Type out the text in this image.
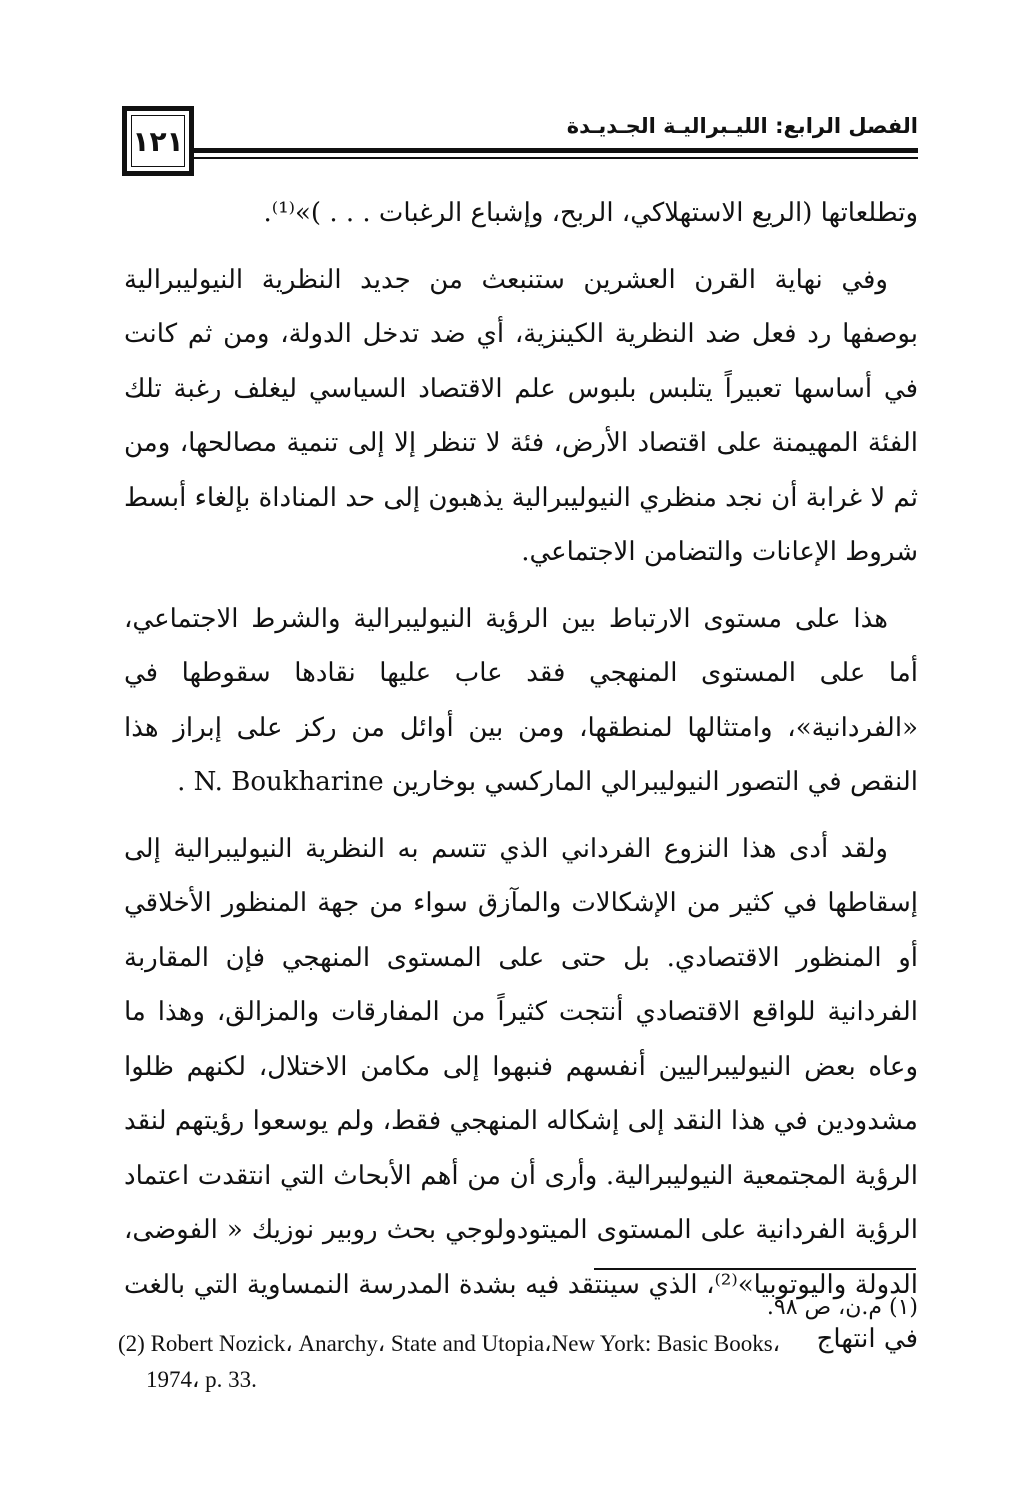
١٢١	الفصل الرابع: الليـبراليـة الجـديـدة

وتطلعاتها (الريع الاستهلاكي، الربح، وإشباع الرغبات . . . )»⁽¹⁾.

وفي نهاية القرن العشرين ستنبعث من جديد النظرية النيوليبرالية بوصفها رد فعل ضد النظرية الكينزية، أي ضد تدخل الدولة، ومن ثم كانت في أساسها تعبيراً يتلبس بلبوس علم الاقتصاد السياسي ليغلف رغبة تلك الفئة المهيمنة على اقتصاد الأرض، فئة لا تنظر إلا إلى تنمية مصالحها، ومن ثم لا غرابة أن نجد منظري النيوليبرالية يذهبون إلى حد المناداة بإلغاء أبسط شروط الإعانات والتضامن الاجتماعي.

هذا على مستوى الارتباط بين الرؤية النيوليبرالية والشرط الاجتماعي، أما على المستوى المنهجي فقد عاب عليها نقادها سقوطها في «الفردانية»، وامتثالها لمنطقها، ومن بين أوائل من ركز على إبراز هذا النقص في التصور النيوليبرالي الماركسي بوخارين N. Boukharine .

ولقد أدى هذا النزوع الفرداني الذي تتسم به النظرية النيوليبرالية إلى إسقاطها في كثير من الإشكالات والمآزق سواء من جهة المنظور الأخلاقي أو المنظور الاقتصادي. بل حتى على المستوى المنهجي فإن المقاربة الفردانية للواقع الاقتصادي أنتجت كثيراً من المفارقات والمزالق، وهذا ما وعاه بعض النيوليبراليين أنفسهم فنبهوا إلى مكامن الاختلال، لكنهم ظلوا مشدودين في هذا النقد إلى إشكاله المنهجي فقط، ولم يوسعوا رؤيتهم لنقد الرؤية المجتمعية النيوليبرالية. وأرى أن من أهم الأبحاث التي انتقدت اعتماد الرؤية الفردانية على المستوى الميتودولوجي بحث روبير نوزيك « الفوضى، الدولة واليوتوبيا»⁽²⁾، الذي سينتقد فيه بشدة المدرسة النمساوية التي بالغت في انتهاج

(١) م.ن، ص ٩٨.

(2) Robert Nozick، Anarchy، State and Utopia،New York: Basic Books،
1974، p. 33.
